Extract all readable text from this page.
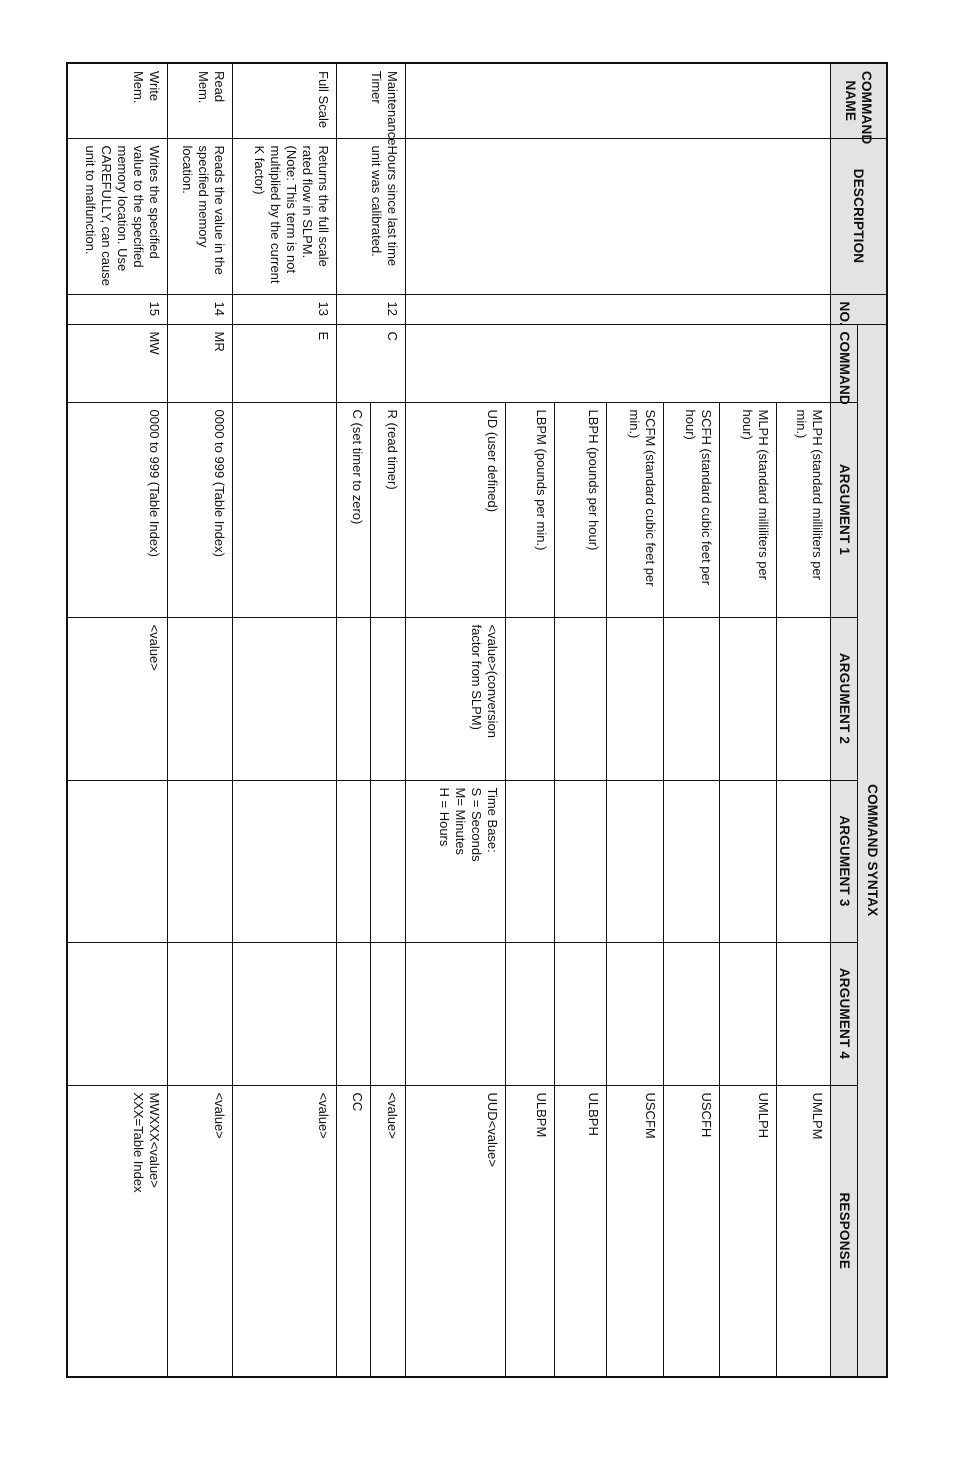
COMMAND NAME	DESCRIPTION	NO.	COMMAND SYNTAX					
			COMMAND	ARGUMENT 1	ARGUMENT 2	ARGUMENT 3	ARGUMENT 4	RESPONSE
				MLPH (standard milliliters per min.)				UMLPM
				MLPH (standard milliliters per hour)				UMLPH
				SCFH (standard cubic feet per hour)				USCFH
				SCFM (standard cubic feet per min.)				USCFM
				LBPH (pounds per hour)				ULBPH
				LBPM (pounds per min.)				ULBPM
				UD (user defined)	<value>(conversion factor from SLPM)	Time Base:
S = Seconds
M= Minutes
H = Hours		UUD<value>
Maintenance Timer	Hours since last time unit was calibrated.	12	C	R (read timer)				<value>
				C (set timer to zero)				CC
Full Scale	Returns the full scale rated flow in SLPM. (Note: This term is not multiplied by the current K factor)	13	E					<value>
Read Mem.	Reads the value in the specified memory location.	14	MR	0000 to 999 (Table Index)				<value>
Write Mem.	Writes the specified value to the specified memory location. Use CAREFULLY, can cause unit to malfunction.	15	MW	0000 to 999 (Table Index)	<value>			MWXXX<value>
XXX=Table Index
